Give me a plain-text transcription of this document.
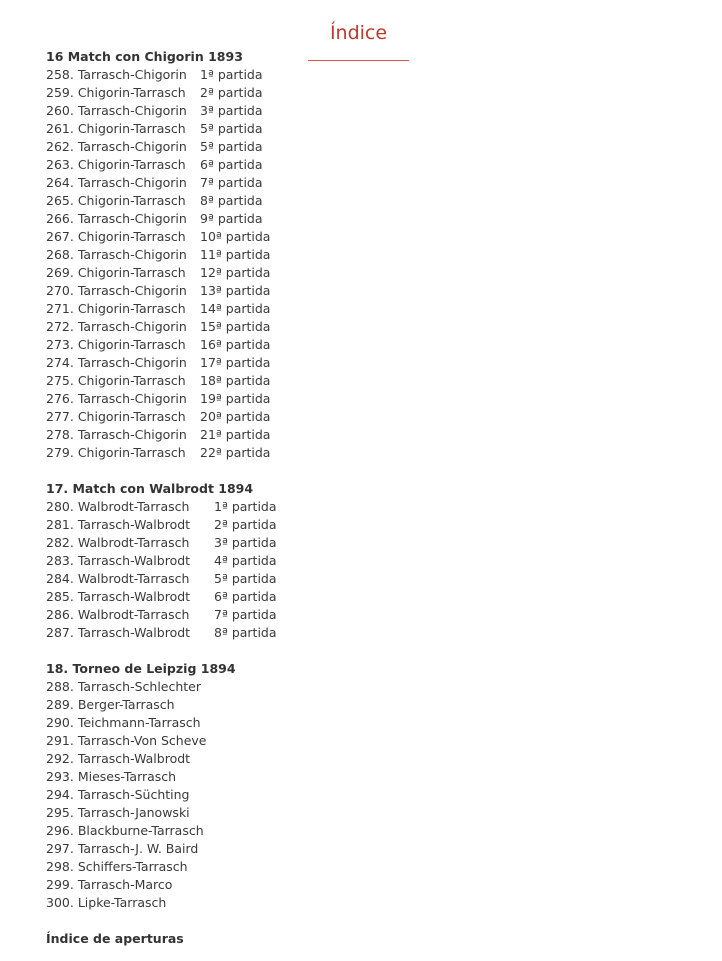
Índice
16 Match con Chigorin 1893
258. Tarrasch-Chigorin 1ª partida
259. Chigorin-Tarrasch 2ª partida
260. Tarrasch-Chigorin 3ª partida
261. Chigorin-Tarrasch 5ª partida
262. Tarrasch-Chigorin 5ª partida
263. Chigorin-Tarrasch 6ª partida
264. Tarrasch-Chigorin 7ª partida
265. Chigorin-Tarrasch 8ª partida
266. Tarrasch-Chigorin 9ª partida
267. Chigorin-Tarrasch 10ª partida
268. Tarrasch-Chigorin 11ª partida
269. Chigorin-Tarrasch 12ª partida
270. Tarrasch-Chigorin 13ª partida
271. Chigorin-Tarrasch 14ª partida
272. Tarrasch-Chigorin 15ª partida
273. Chigorin-Tarrasch 16ª partida
274. Tarrasch-Chigorin 17ª partida
275. Chigorin-Tarrasch 18ª partida
276. Tarrasch-Chigorin 19ª partida
277. Chigorin-Tarrasch 20ª partida
278. Tarrasch-Chigorin 21ª partida
279. Chigorin-Tarrasch 22ª partida
17. Match con Walbrodt 1894
280. Walbrodt-Tarrasch 1ª partida
281. Tarrasch-Walbrodt 2ª partida
282. Walbrodt-Tarrasch 3ª partida
283. Tarrasch-Walbrodt 4ª partida
284. Walbrodt-Tarrasch 5ª partida
285. Tarrasch-Walbrodt 6ª partida
286. Walbrodt-Tarrasch 7ª partida
287. Tarrasch-Walbrodt 8ª partida
18. Torneo de Leipzig 1894
288. Tarrasch-Schlechter
289. Berger-Tarrasch
290. Teichmann-Tarrasch
291. Tarrasch-Von Scheve
292. Tarrasch-Walbrodt
293. Mieses-Tarrasch
294. Tarrasch-Süchting
295. Tarrasch-Janowski
296. Blackburne-Tarrasch
297. Tarrasch-J. W. Baird
298. Schiffers-Tarrasch
299. Tarrasch-Marco
300. Lipke-Tarrasch
Índice de aperturas
